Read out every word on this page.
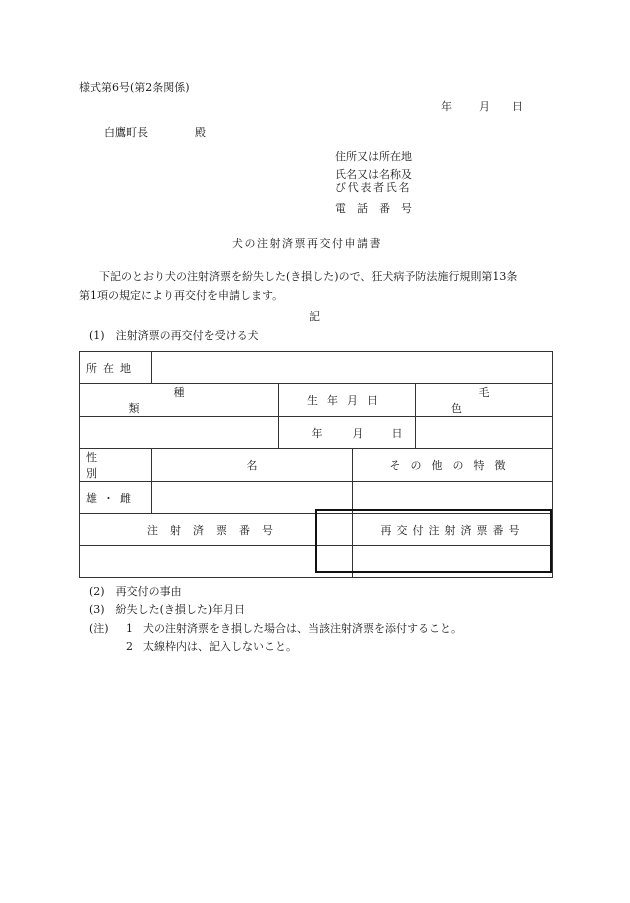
様式第6号(第2条関係)
年 月 日
白鷹町長	殿
住所又は所在地
氏名又は名称及
び代表者氏名
電話番号
犬の注射済票再交付申請書
下記のとおり犬の注射済票を紛失した(き損した)ので、狂犬病予防法施行規則第13条
第1項の規定により再交付を申請します。
記
(1)　注射済票の再交付を受ける犬
所在地				
種類		生年月日		毛色
		年 月 日		
性別	名		その他の特徴	
雄・雌				
注射済票番号			再交付注射済票番号	

(2)　再交付の事由
(3)　紛失した(き損した)年月日
(注) 1 犬の注射済票をき損した場合は、当該注射済票を添付すること。
2 太線枠内は、記入しないこと。
